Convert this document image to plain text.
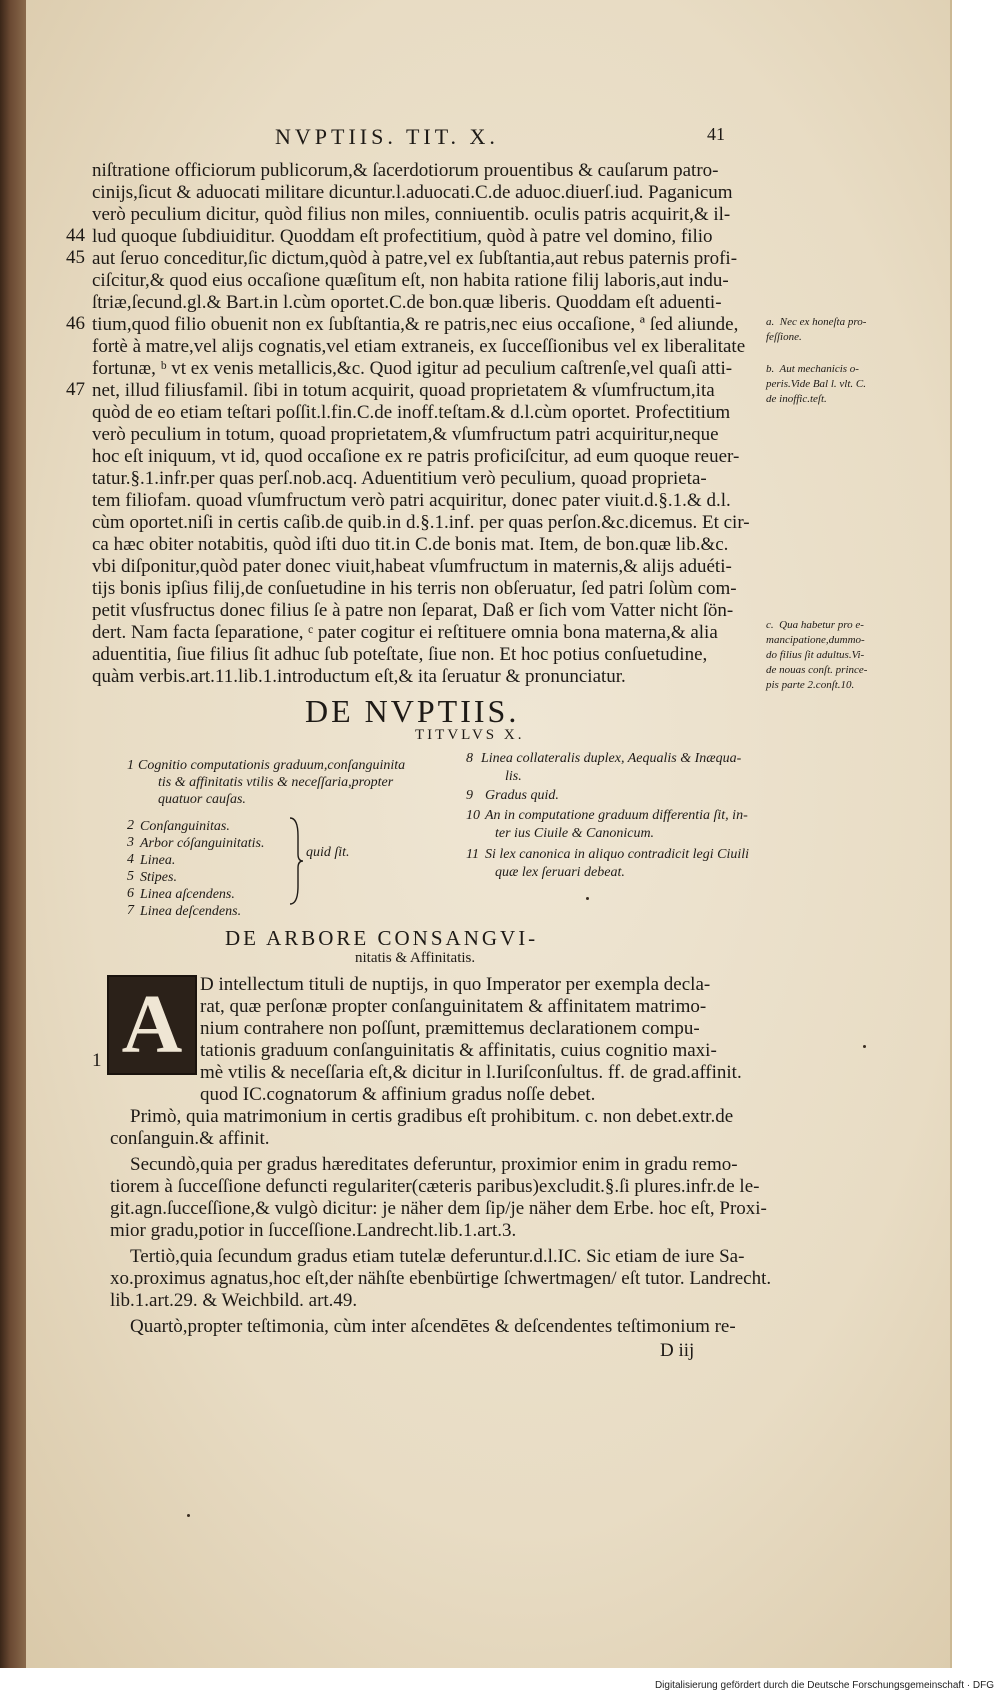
NVPTIIS. TIT. X.	41
niſtratione officiorum publicorum,& ſacerdotiorum prouentibus & cauſarum patro-
cinijs,ſicut & aduocati militare dicuntur.l.aduocati.C.de aduoc.diuerſ.iud. Paganicum
verò peculium dicitur, quòd filius non miles, conniuentib. oculis patris acquirit,& il-
lud quoque ſubdiuiditur. Quoddam eſt profectitium, quòd à patre vel domino, filio
aut ſeruo conceditur,ſic dictum,quòd à patre,vel ex ſubſtantia,aut rebus paternis profi-
ciſcitur,& quod eius occaſione quæſitum eſt, non habita ratione filij laboris,aut indu-
ſtriæ,ſecund.gl.& Bart.in l.cùm oportet.C.de bon.quæ liberis. Quoddam eſt aduenti-
tium,quod filio obuenit non ex ſubſtantia,& re patris,nec eius occaſione, ª ſed aliunde,
fortè à matre,vel alijs cognatis,vel etiam extraneis, ex ſucceſſionibus vel ex liberalitate
fortunæ, ᵇ vt ex venis metallicis,&c. Quod igitur ad peculium caſtrenſe,vel quaſi atti-
net, illud filiusfamil. ſibi in totum acquirit, quoad proprietatem & vſumfructum,ita
quòd de eo etiam teſtari poſſit.l.fin.C.de inoff.teſtam.& d.l.cùm oportet. Profectitium
verò peculium in totum, quoad proprietatem,& vſumfructum patri acquiritur,neque
hoc eſt iniquum, vt id, quod occaſione ex re patris proficiſcitur, ad eum quoque reuer-
tatur.§.1.infr.per quas perſ.nob.acq. Aduentitium verò peculium, quoad proprieta-
tem filiofam. quoad vſumfructum verò patri acquiritur, donec pater viuit.d.§.1.& d.l.
cùm oportet.niſi in certis caſib.de quib.in d.§.1.inf. per quas perſon.&c.dicemus. Et cir-
ca hæc obiter notabitis, quòd iſti duo tit.in C.de bonis mat. Item, de bon.quæ lib.&c.
vbi diſponitur,quòd pater donec viuit,habeat vſumfructum in maternis,& alijs aduéti-
tijs bonis ipſius filij,de conſuetudine in his terris non obſeruatur, ſed patri ſolùm com-
petit vſusfructus donec filius ſe à patre non ſeparat, Daß er ſich vom Vatter nicht ſön-
dert. Nam facta ſeparatione, ᶜ pater cogitur ei reſtituere omnia bona materna,& alia
aduentitia, ſiue filius ſit adhuc ſub poteſtate, ſiue non. Et hoc potius conſuetudine,
quàm verbis.art.11.lib.1.introductum eſt,& ita ſeruatur & pronunciatur.
44
45
46
47
a.  Nec ex honeſta pro-
feſſione.
b.  Aut mechanicis o-
peris.Vide Bal l. vlt. C.
de inoffic.teſt.
c.  Qua habetur pro e-
mancipatione,dummo-
do filius ſit adultus.Vi-
de nouas conſt. prince-
pis parte 2.conſt.10.
DE NVPTIIS.
TITVLVS X.
1 Cognitio computationis graduum,conſanguinita
tis & affinitatis vtilis & neceſſaria,propter
quatuor cauſas.
2 Conſanguinitas.
3 Arbor cóſanguinitatis.
4 Linea.
5 Stipes.
6 Linea aſcendens.
7 Linea deſcendens.
quid ſit.
8 Linea collateralis duplex, Aequalis & Inæqua-
lis.
9 Gradus quid.
10 An in computatione graduum differentia ſit, in-
ter ius Ciuile & Canonicum.
11 Si lex canonica in aliquo contradicit legi Ciuili
quæ lex ſeruari debeat.
DE ARBORE CONSANGVI-
nitatis & Affinitatis.
A
1
D intellectum tituli de nuptijs, in quo Imperator per exempla decla-
rat, quæ perſonæ propter conſanguinitatem & affinitatem matrimo-
nium contrahere non poſſunt, præmittemus declarationem compu-
tationis graduum conſanguinitatis & affinitatis, cuius cognitio maxi-
mè vtilis & neceſſaria eſt,& dicitur in l.Iuriſconſultus. ff. de grad.affinit.
quod IC.cognatorum & affinium gradus noſſe debet.
Primò, quia matrimonium in certis gradibus eſt prohibitum. c. non debet.extr.de
conſanguin.& affinit.
Secundò,quia per gradus hæreditates deferuntur, proximior enim in gradu remo-
tiorem à ſucceſſione defuncti regulariter(cæteris paribus)excludit.§.ſi plures.infr.de le-
git.agn.ſucceſſione,& vulgò dicitur: je näher dem ſip/je näher dem Erbe. hoc eſt, Proxi-
mior gradu,potior in ſucceſſione.Landrecht.lib.1.art.3.
Tertiò,quia ſecundum gradus etiam tutelæ deferuntur.d.l.IC. Sic etiam de iure Sa-
xo.proximus agnatus,hoc eſt,der nähſte ebenbürtige ſchwertmagen/ eſt tutor. Landrecht.
lib.1.art.29. & Weichbild. art.49.
Quartò,propter teſtimonia, cùm inter aſcendētes & deſcendentes teſtimonium re-
D iij
Digitalisierung gefördert durch die Deutsche Forschungsgemeinschaft · DFG
